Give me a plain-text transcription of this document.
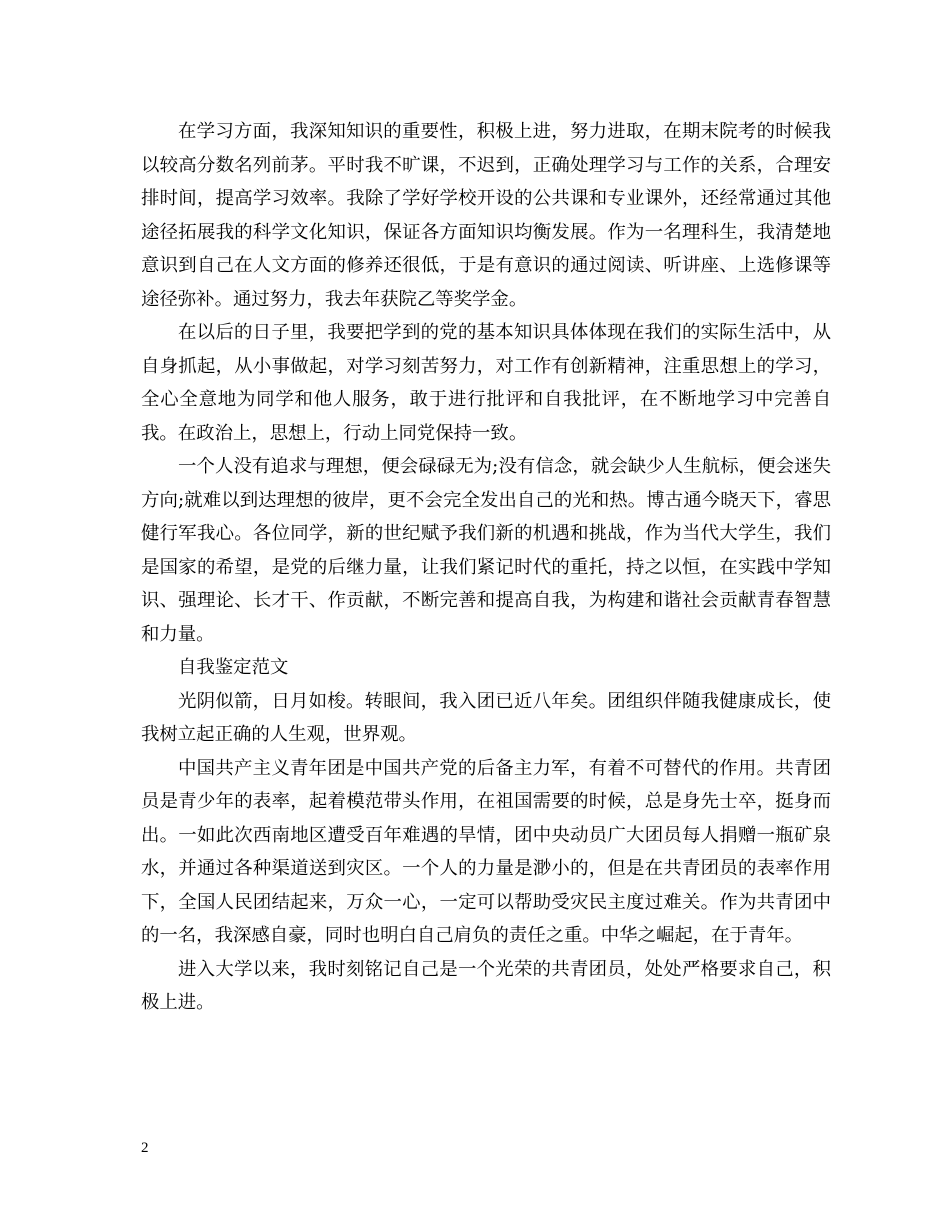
在学习方面，我深知知识的重要性，积极上进，努力进取，在期末院考的时候我以较高分数名列前茅。平时我不旷课，不迟到，正确处理学习与工作的关系，合理安排时间，提高学习效率。我除了学好学校开设的公共课和专业课外，还经常通过其他途径拓展我的科学文化知识，保证各方面知识均衡发展。作为一名理科生，我清楚地意识到自己在人文方面的修养还很低，于是有意识的通过阅读、听讲座、上选修课等途径弥补。通过努力，我去年获院乙等奖学金。

在以后的日子里，我要把学到的党的基本知识具体体现在我们的实际生活中，从自身抓起，从小事做起，对学习刻苦努力，对工作有创新精神，注重思想上的学习，全心全意地为同学和他人服务，敢于进行批评和自我批评，在不断地学习中完善自我。在政治上，思想上，行动上同党保持一致。

一个人没有追求与理想，便会碌碌无为;没有信念，就会缺少人生航标，便会迷失方向;就难以到达理想的彼岸，更不会完全发出自己的光和热。博古通今晓天下，睿思健行军我心。各位同学，新的世纪赋予我们新的机遇和挑战，作为当代大学生，我们是国家的希望，是党的后继力量，让我们紧记时代的重托，持之以恒，在实践中学知识、强理论、长才干、作贡献，不断完善和提高自我，为构建和谐社会贡献青春智慧和力量。

自我鉴定范文

光阴似箭，日月如梭。转眼间，我入团已近八年矣。团组织伴随我健康成长，使我树立起正确的人生观，世界观。

中国共产主义青年团是中国共产党的后备主力军，有着不可替代的作用。共青团员是青少年的表率，起着模范带头作用，在祖国需要的时候，总是身先士卒，挺身而出。一如此次西南地区遭受百年难遇的旱情，团中央动员广大团员每人捐赠一瓶矿泉水，并通过各种渠道送到灾区。一个人的力量是渺小的，但是在共青团员的表率作用下，全国人民团结起来，万众一心，一定可以帮助受灾民主度过难关。作为共青团中的一名，我深感自豪，同时也明白自己肩负的责任之重。中华之崛起，在于青年。

进入大学以来，我时刻铭记自己是一个光荣的共青团员，处处严格要求自己，积极上进。

2
